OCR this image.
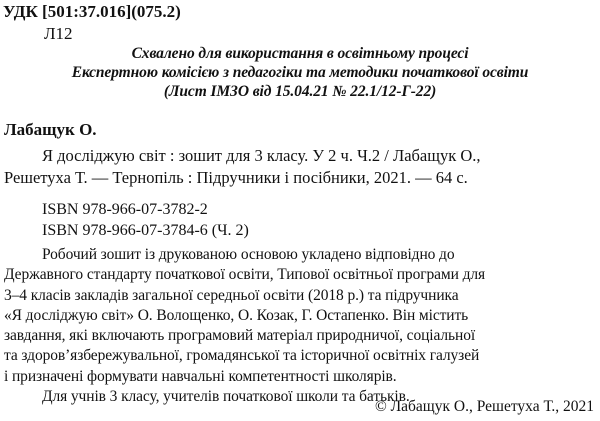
УДК [501:37.016](075.2)
Л12
Схвалено для використання в освітньому процесі
Експертною комісією з педагогіки та методики початкової освіти
(Лист ІМЗО від 15.04.21 № 22.1/12-Г-22)
Лабащук О.
Я досліджую світ : зошит для 3 класу. У 2 ч. Ч.2 / Лабащук О.,
Решетуха Т. — Тернопіль : Підручники і посібники, 2021. — 64 с.
ISBN 978-966-07-3782-2
ISBN 978-966-07-3784-6 (Ч. 2)
Робочий зошит із друкованою основою укладено відповідно до
Державного стандарту початкової освіти, Типової освітньої програми для
3–4 класів закладів загальної середньої освіти (2018 р.) та підручника
«Я досліджую світ» О. Волощенко, О. Козак, Г. Остапенко. Він містить
завдання, які включають програмовий матеріал природничої, соціальної
та здоров’язбережувальної, громадянської та історичної освітніх галузей
і призначені формувати навчальні компетентності школярів.
Для учнів 3 класу, учителів початкової школи та батьків.
© Лабащук О., Решетуха Т., 2021
